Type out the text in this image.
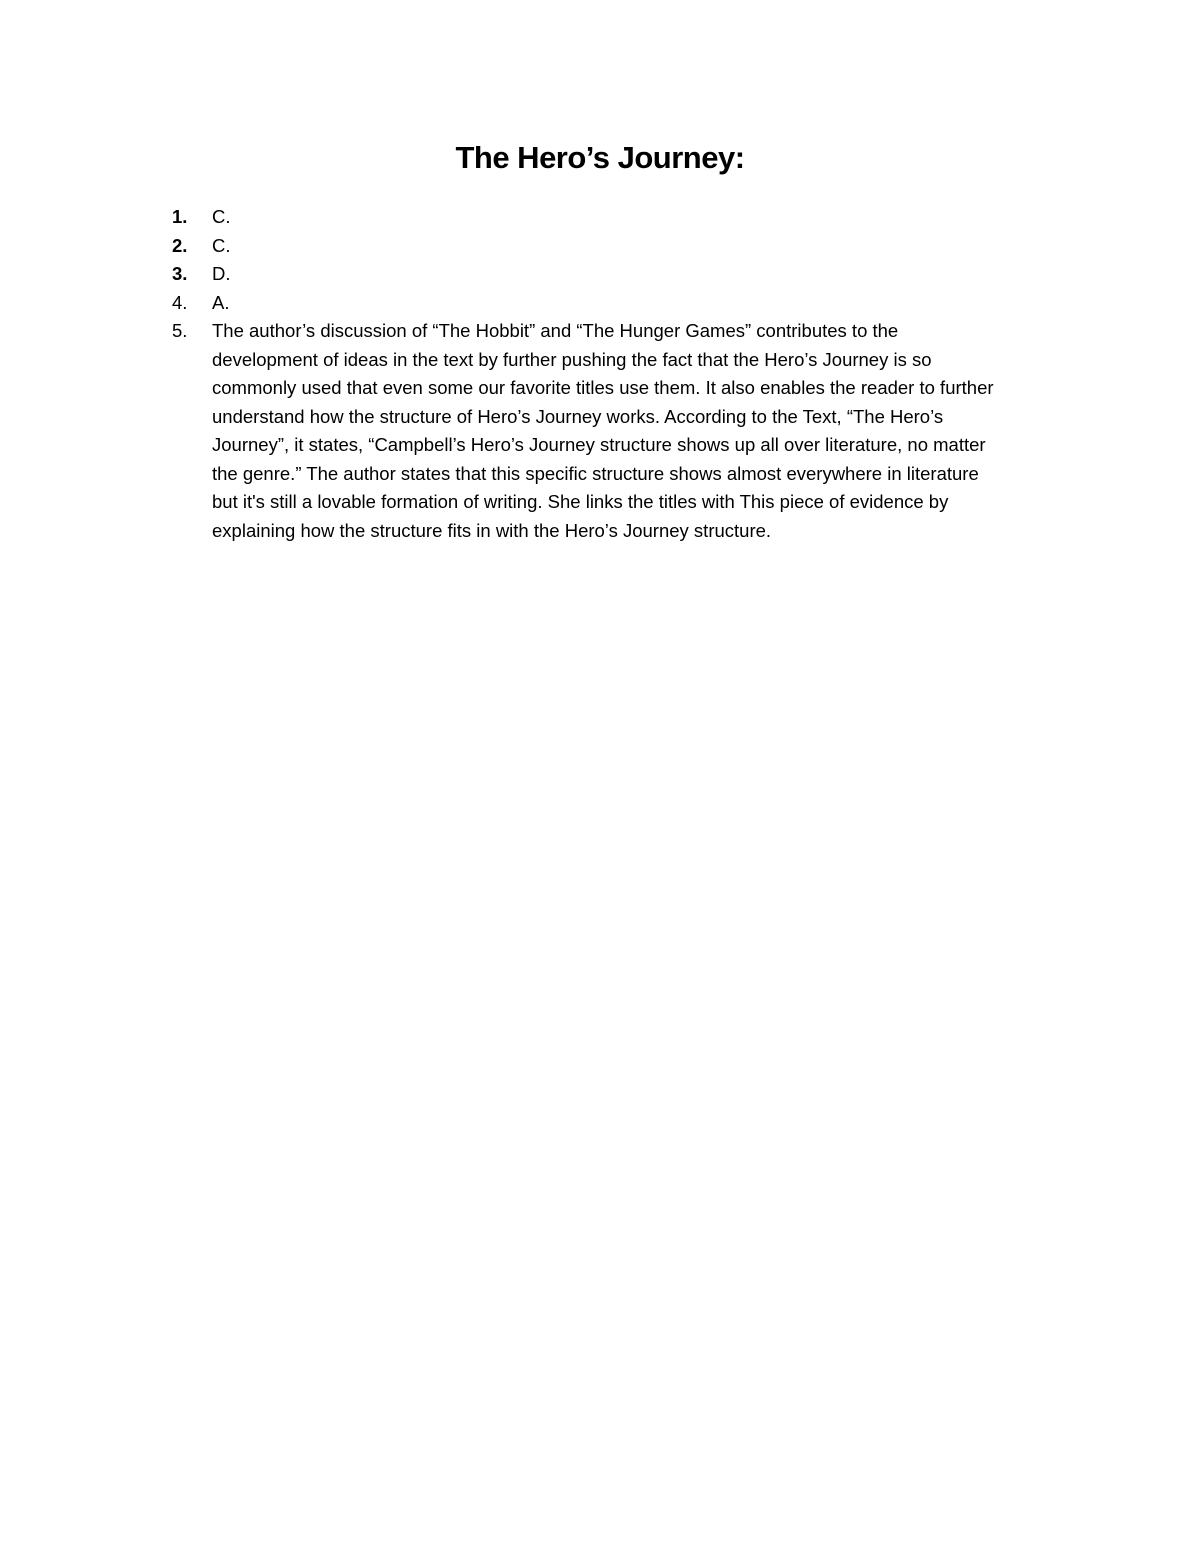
The Hero’s Journey:
1.	C.
2.	C.
3.	D.
4.	A.
5.	The author’s discussion of “The Hobbit” and “The Hunger Games” contributes to the
development of ideas in the text by further pushing the fact that the Hero’s Journey is so
commonly used that even some our favorite titles use them. It also enables the reader to further
understand how the structure of Hero’s Journey works. According to the Text, “The Hero’s
Journey”, it states, “Campbell’s Hero’s Journey structure shows up all over literature, no matter
the genre.” The author states that this specific structure shows almost everywhere in literature
but it's still a lovable formation of writing. She links the titles with This piece of evidence by
explaining how the structure fits in with the Hero’s Journey structure.
